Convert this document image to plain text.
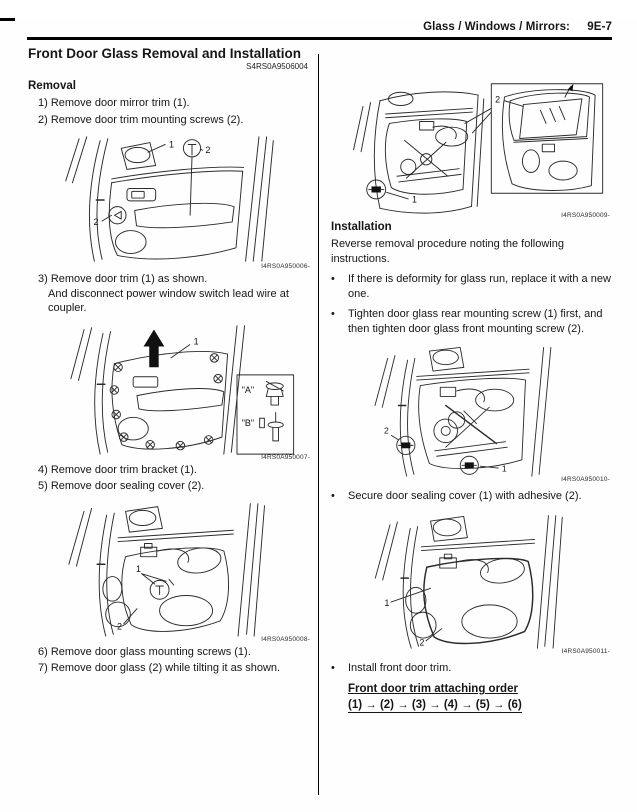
Glass / Windows / Mirrors: 9E-7
Front Door Glass Removal and Installation
S4RS0A9506004
Removal
1) Remove door mirror trim (1).
2) Remove door trim mounting screws (2).
1
2
2
I4RS0A950006-
3) Remove door trim (1) as shown.
And disconnect power window switch lead wire at coupler.
1
"A"
"B"
I4RS0A950007-
4) Remove door trim bracket (1).
5) Remove door sealing cover (2).
1
2
I4RS0A950008-
6) Remove door glass mounting screws (1).
7) Remove door glass (2) while tilting it as shown.
1
2
I4RS0A950009-
Installation
Reverse removal procedure noting the following instructions.
•	If there is deformity for glass run, replace it with a new one.
•	Tighten door glass rear mounting screw (1) first, and then tighten door glass front mounting screw (2).
2
1
I4RS0A950010-
•	Secure door sealing cover (1) with adhesive (2).
1
2
I4RS0A950011-
•	Install front door trim.
Front door trim attaching order
(1) → (2) → (3) → (4) → (5) → (6)
